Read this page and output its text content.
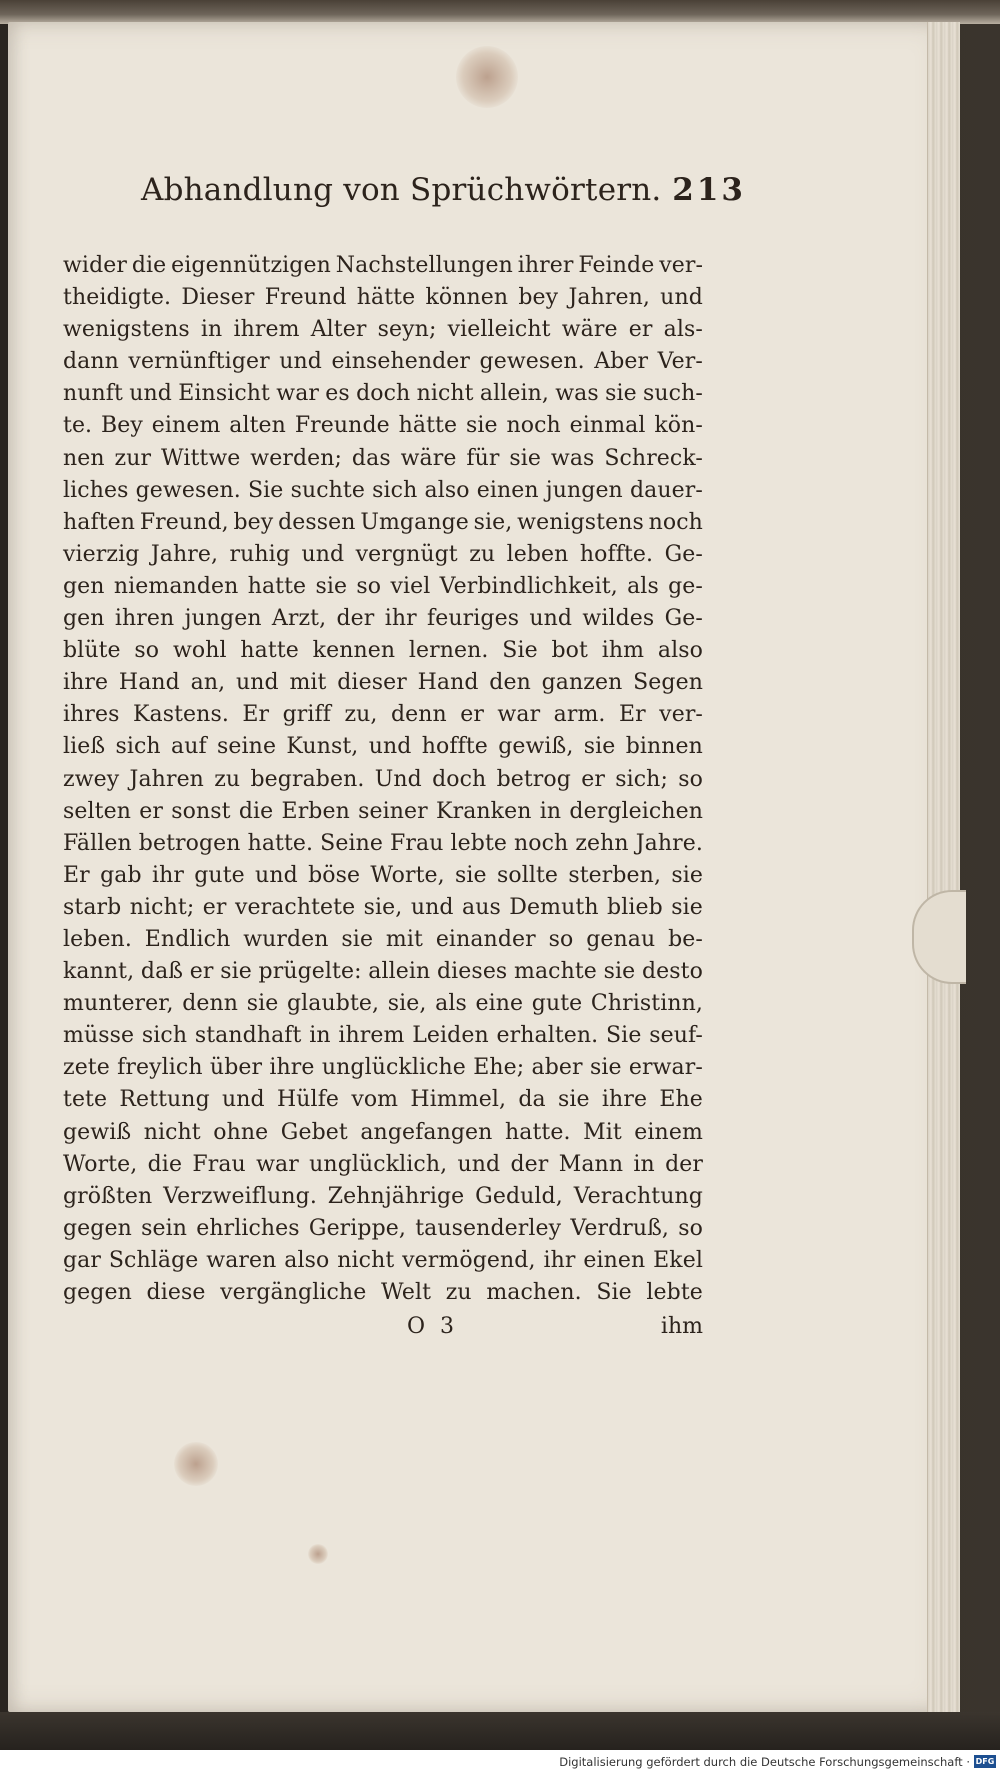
Abhandlung von Sprüchwörtern. 213
wider die eigennützigen Nachstellungen ihrer Feinde ver-
theidigte. Dieser Freund hätte können bey Jahren, und
wenigstens in ihrem Alter seyn; vielleicht wäre er als-
dann vernünftiger und einsehender gewesen. Aber Ver-
nunft und Einsicht war es doch nicht allein, was sie such-
te. Bey einem alten Freunde hätte sie noch einmal kön-
nen zur Wittwe werden; das wäre für sie was Schreck-
liches gewesen. Sie suchte sich also einen jungen dauer-
haften Freund, bey dessen Umgange sie, wenigstens noch
vierzig Jahre, ruhig und vergnügt zu leben hoffte. Ge-
gen niemanden hatte sie so viel Verbindlichkeit, als ge-
gen ihren jungen Arzt, der ihr feuriges und wildes Ge-
blüte so wohl hatte kennen lernen. Sie bot ihm also
ihre Hand an, und mit dieser Hand den ganzen Segen
ihres Kastens. Er griff zu, denn er war arm. Er ver-
ließ sich auf seine Kunst, und hoffte gewiß, sie binnen
zwey Jahren zu begraben. Und doch betrog er sich; so
selten er sonst die Erben seiner Kranken in dergleichen
Fällen betrogen hatte. Seine Frau lebte noch zehn Jahre.
Er gab ihr gute und böse Worte, sie sollte sterben, sie
starb nicht; er verachtete sie, und aus Demuth blieb sie
leben. Endlich wurden sie mit einander so genau be-
kannt, daß er sie prügelte: allein dieses machte sie desto
munterer, denn sie glaubte, sie, als eine gute Christinn,
müsse sich standhaft in ihrem Leiden erhalten. Sie seuf-
zete freylich über ihre unglückliche Ehe; aber sie erwar-
tete Rettung und Hülfe vom Himmel, da sie ihre Ehe
gewiß nicht ohne Gebet angefangen hatte. Mit einem
Worte, die Frau war unglücklich, und der Mann in der
größten Verzweiflung. Zehnjährige Geduld, Verachtung
gegen sein ehrliches Gerippe, tausenderley Verdruß, so
gar Schläge waren also nicht vermögend, ihr einen Ekel
gegen diese vergängliche Welt zu machen. Sie lebte
O 3	ihm
Digitalisierung gefördert durch die Deutsche Forschungsgemeinschaft · DFG
